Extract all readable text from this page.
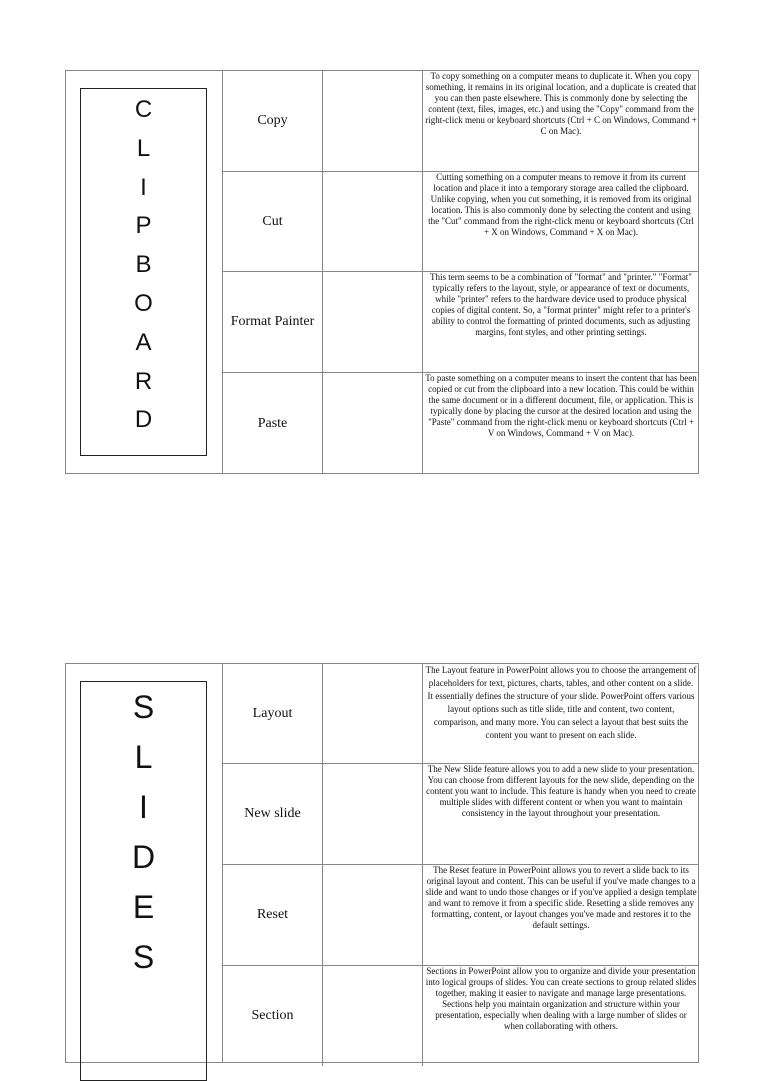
C
L
I
P
B
O
A
R
D
Copy
To copy something on a computer means to duplicate it. When you copy something, it remains in its original location, and a duplicate is created that you can then paste elsewhere. This is commonly done by selecting the content (text, files, images, etc.) and using the "Copy" command from the right-click menu or keyboard shortcuts (Ctrl + C on Windows, Command + C on Mac).
Cut
Cutting something on a computer means to remove it from its current location and place it into a temporary storage area called the clipboard. Unlike copying, when you cut something, it is removed from its original location. This is also commonly done by selecting the content and using the "Cut" command from the right-click menu or keyboard shortcuts (Ctrl + X on Windows, Command + X on Mac).
Format Painter
This term seems to be a combination of "format" and "printer." "Format" typically refers to the layout, style, or appearance of text or documents, while "printer" refers to the hardware device used to produce physical copies of digital content. So, a "format printer" might refer to a printer's ability to control the formatting of printed documents, such as adjusting margins, font styles, and other printing settings.
Paste
To paste something on a computer means to insert the content that has been copied or cut from the clipboard into a new location. This could be within the same document or in a different document, file, or application. This is typically done by placing the cursor at the desired location and using the "Paste" command from the right-click menu or keyboard shortcuts (Ctrl + V on Windows, Command + V on Mac).
S
L
I
D
E
S
Layout
The Layout feature in PowerPoint allows you to choose the arrangement of placeholders for text, pictures, charts, tables, and other content on a slide. It essentially defines the structure of your slide. PowerPoint offers various layout options such as title slide, title and content, two content, comparison, and many more. You can select a layout that best suits the content you want to present on each slide.
New slide
The New Slide feature allows you to add a new slide to your presentation. You can choose from different layouts for the new slide, depending on the content you want to include. This feature is handy when you need to create multiple slides with different content or when you want to maintain consistency in the layout throughout your presentation.
Reset
The Reset feature in PowerPoint allows you to revert a slide back to its original layout and content. This can be useful if you've made changes to a slide and want to undo those changes or if you've applied a design template and want to remove it from a specific slide. Resetting a slide removes any formatting, content, or layout changes you've made and restores it to the default settings.
Section
Sections in PowerPoint allow you to organize and divide your presentation into logical groups of slides. You can create sections to group related slides together, making it easier to navigate and manage large presentations. Sections help you maintain organization and structure within your presentation, especially when dealing with a large number of slides or when collaborating with others.
